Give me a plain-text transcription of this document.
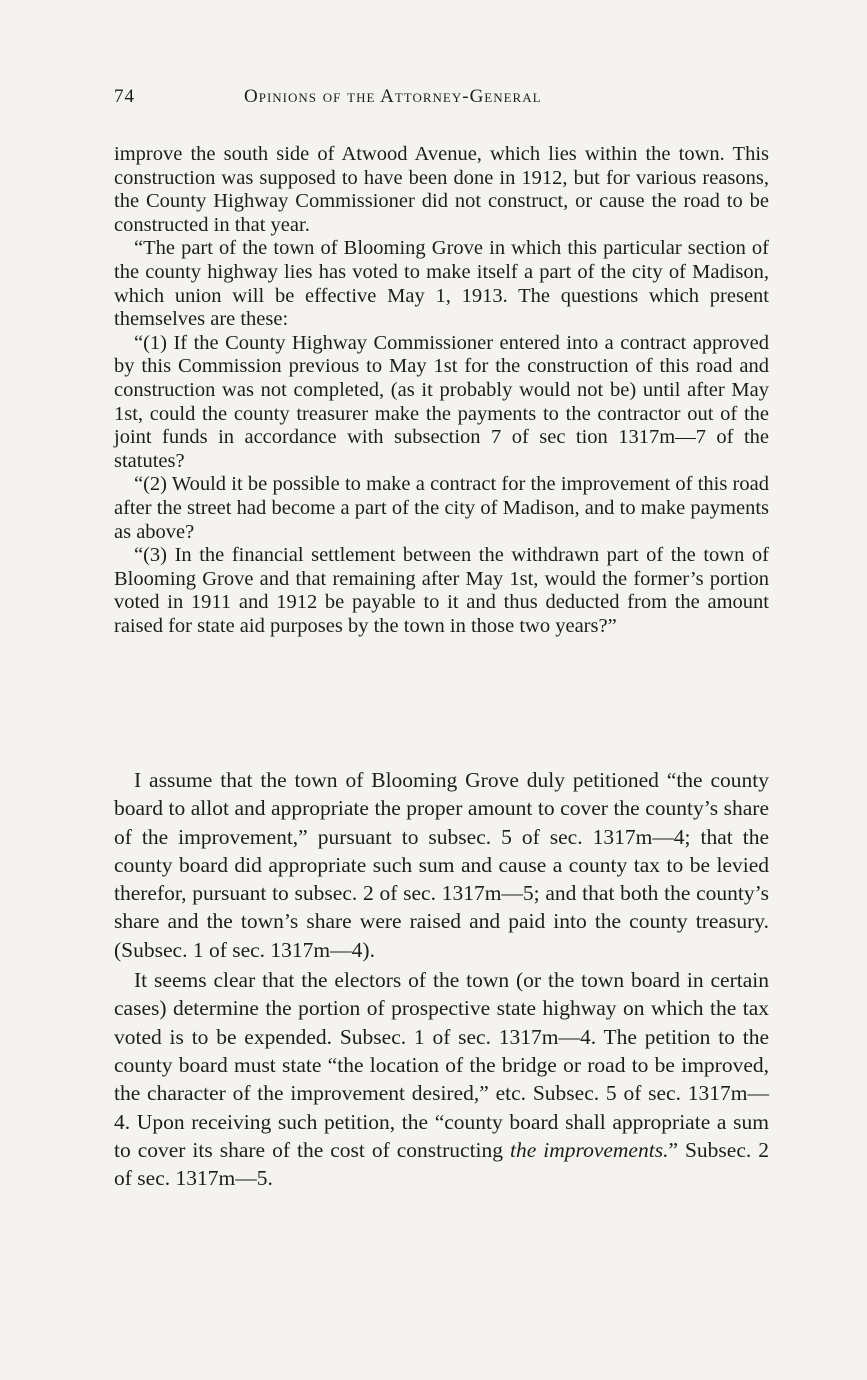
74	Opinions of the Attorney-General

improve the south side of Atwood Avenue, which lies within the town. This construction was supposed to have been done in 1912, but for various reasons, the County Highway Commissioner did not construct, or cause the road to be constructed in that year.

“The part of the town of Blooming Grove in which this particular section of the county highway lies has voted to make itself a part of the city of Madison, which union will be effective May 1, 1913. The questions which present themselves are these:

“(1) If the County Highway Commissioner entered into a contract approved by this Commission previous to May 1st for the construction of this road and construction was not completed, (as it probably would not be) until after May 1st, could the county treasurer make the payments to the contractor out of the joint funds in accordance with subsection 7 of sec tion 1317m—7 of the statutes?

“(2) Would it be possible to make a contract for the improvement of this road after the street had become a part of the city of Madison, and to make payments as above?

“(3) In the financial settlement between the withdrawn part of the town of Blooming Grove and that remaining after May 1st, would the former’s portion voted in 1911 and 1912 be payable to it and thus deducted from the amount raised for state aid purposes by the town in those two years?”

I assume that the town of Blooming Grove duly petitioned “the county board to allot and appropriate the proper amount to cover the county’s share of the improvement,” pursuant to subsec. 5 of sec. 1317m—4; that the county board did appropriate such sum and cause a county tax to be levied therefor, pursuant to subsec. 2 of sec. 1317m—5; and that both the county’s share and the town’s share were raised and paid into the county treasury. (Subsec. 1 of sec. 1317m—4).

It seems clear that the electors of the town (or the town board in certain cases) determine the portion of prospective state highway on which the tax voted is to be expended. Subsec. 1 of sec. 1317m—4. The petition to the county board must state “the location of the bridge or road to be improved, the character of the improvement desired,” etc. Subsec. 5 of sec. 1317m—4. Upon receiving such petition, the “county board shall appropriate a sum to cover its share of the cost of constructing the improvements.” Subsec. 2 of sec. 1317m—5.
